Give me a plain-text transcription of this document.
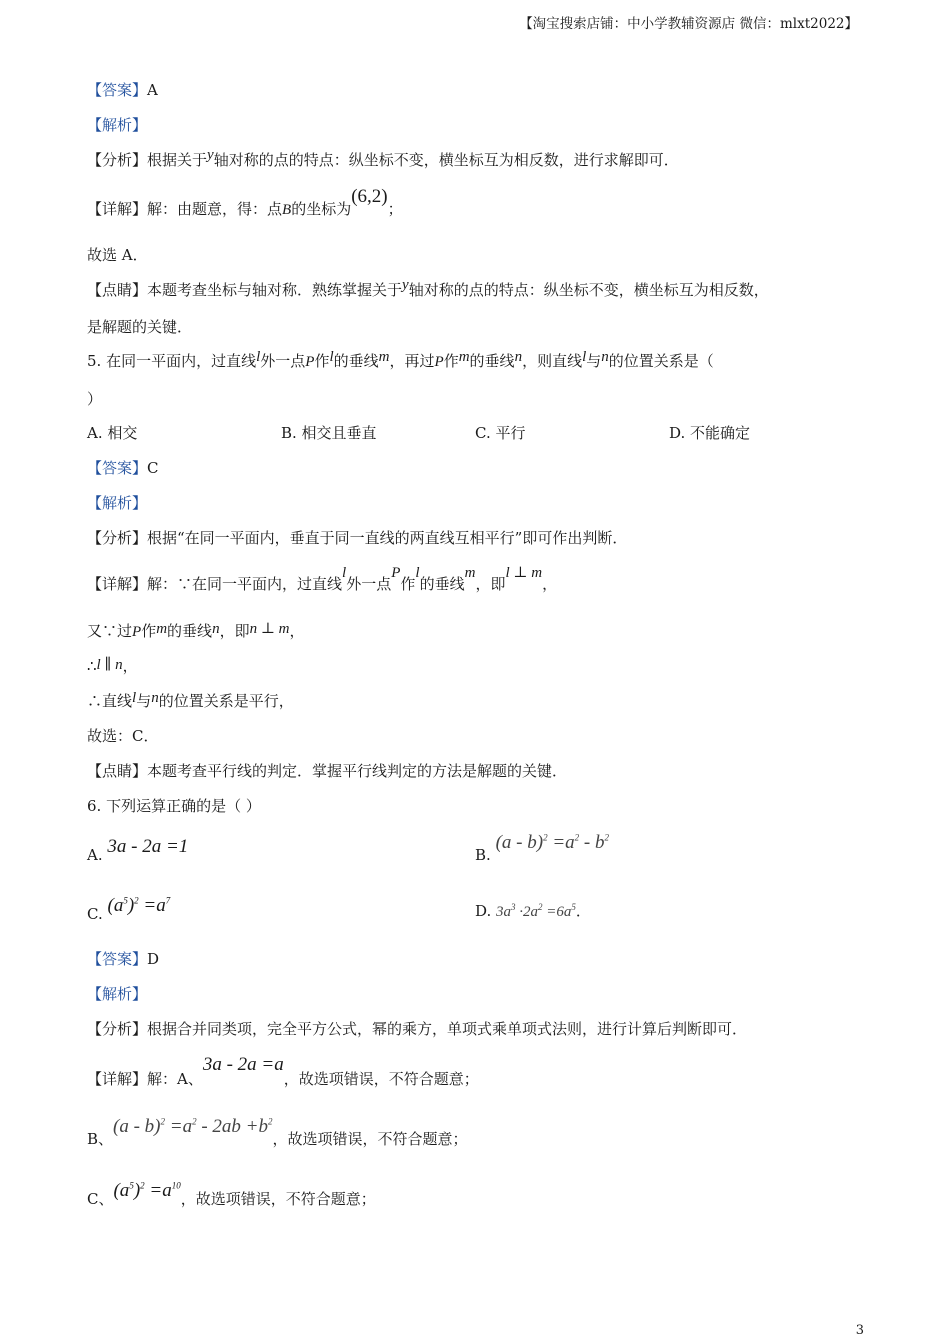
【淘宝搜索店铺：中小学教辅资源店 微信：mlxt2022】
【答案】A
【解析】
【分析】根据关于y轴对称的点的特点：纵坐标不变，横坐标互为相反数，进行求解即可．
【详解】解：由题意，得：点B的坐标为(6,2)；
故选 A．
【点睛】本题考查坐标与轴对称．熟练掌握关于y轴对称的点的特点：纵坐标不变，横坐标互为相反数，
是解题的关键．
5. 在同一平面内，过直线l外一点P作l的垂线m，再过P作m的垂线n，则直线l与n的位置关系是（
）
A. 相交	B. 相交且垂直	C. 平行	D. 不能确定
【答案】C
【解析】
【分析】根据“在同一平面内，垂直于同一直线的两直线互相平行”即可作出判断．
【详解】解：∵在同一平面内，过直线l外一点P作l的垂线m，即l ⊥ m，
又∵过P作m的垂线n，即n ⊥ m，
∴l ∥ n，
∴直线l与n的位置关系是平行，
故选：C．
【点睛】本题考查平行线的判定．掌握平行线判定的方法是解题的关键．
6. 下列运算正确的是（ ）
A. 3a - 2a =1	B. $(a - b)^2 =a^2 - b^2$
C. $(a^5)^2 =a^7$
D. $3a^3 \cdot 2a^2 =6a^5$．
【答案】D
【解析】
【分析】根据合并同类项，完全平方公式，幂的乘方，单项式乘单项式法则，进行计算后判断即可．
【详解】解：A、3a - 2a =a，故选项错误，不符合题意；
B、$(a - b)^2 =a^2 - 2ab +b^2$，故选项错误，不符合题意；
C、$(a^5)^2 =a^{10}$，故选项错误，不符合题意；
3
